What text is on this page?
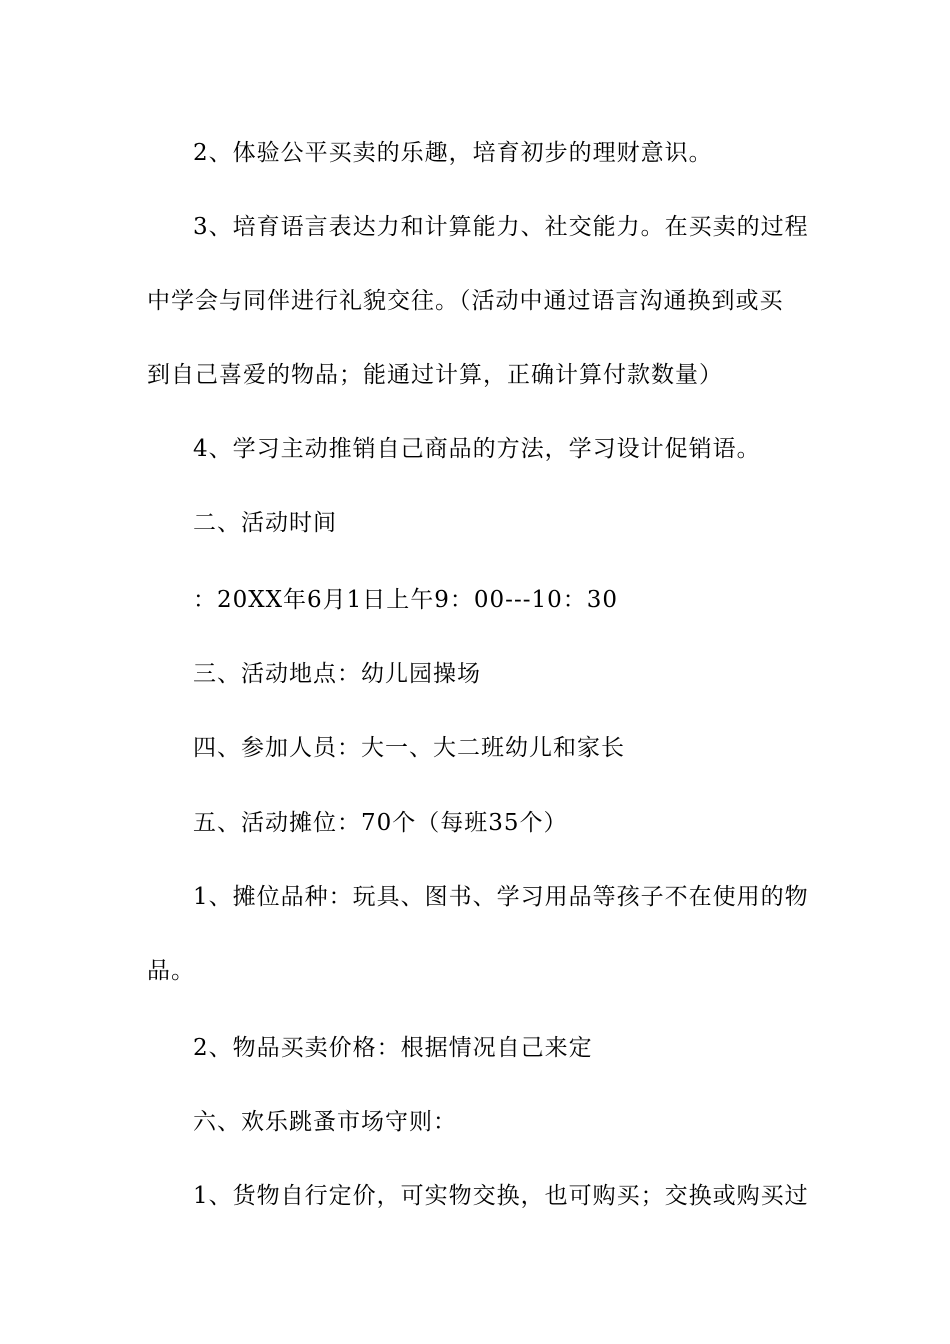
2、体验公平买卖的乐趣，培育初步的理财意识。
3、培育语言表达力和计算能力、社交能力。在买卖的过程
中学会与同伴进行礼貌交往。（活动中通过语言沟通换到或买
到自己喜爱的物品；能通过计算，正确计算付款数量）
4、学习主动推销自己商品的方法，学习设计促销语。
二、活动时间
：20XX年6月1日上午9：00---10：30
三、活动地点：幼儿园操场
四、参加人员：大一、大二班幼儿和家长
五、活动摊位：70个（每班35个）
1、摊位品种：玩具、图书、学习用品等孩子不在使用的物
品。
2、物品买卖价格：根据情况自己来定
六、欢乐跳蚤市场守则：
1、货物自行定价，可实物交换，也可购买；交换或购买过
